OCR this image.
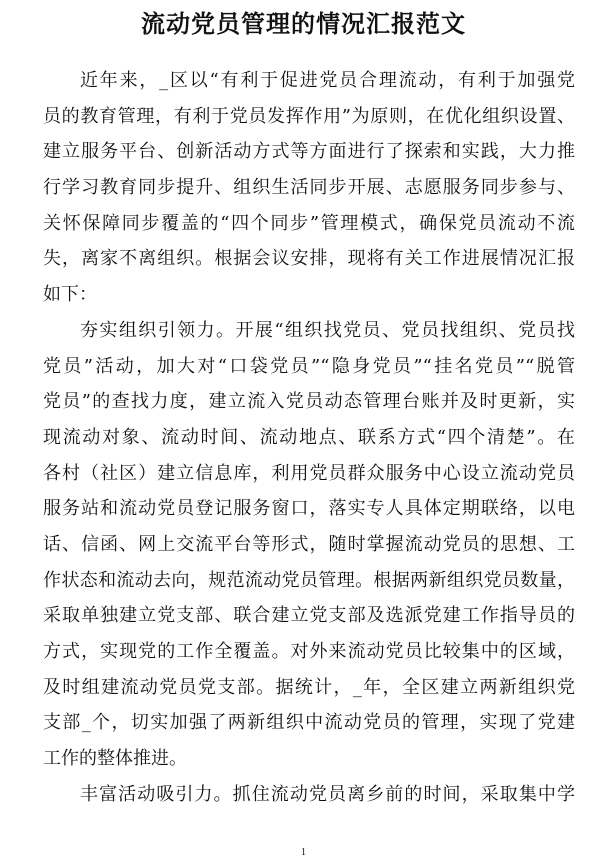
流动党员管理的情况汇报范文
近年来，_区以“有利于促进党员合理流动，有利于加强党
员的教育管理，有利于党员发挥作用”为原则，在优化组织设置、
建立服务平台、创新活动方式等方面进行了探索和实践，大力推
行学习教育同步提升、组织生活同步开展、志愿服务同步参与、
关怀保障同步覆盖的“四个同步”管理模式，确保党员流动不流
失，离家不离组织。根据会议安排，现将有关工作进展情况汇报
如下：
夯实组织引领力。开展“组织找党员、党员找组织、党员找
党员”活动，加大对“口袋党员”“隐身党员”“挂名党员”“脱管
党员”的查找力度，建立流入党员动态管理台账并及时更新，实
现流动对象、流动时间、流动地点、联系方式“四个清楚”。在
各村（社区）建立信息库，利用党员群众服务中心设立流动党员
服务站和流动党员登记服务窗口，落实专人具体定期联络，以电
话、信函、网上交流平台等形式，随时掌握流动党员的思想、工
作状态和流动去向，规范流动党员管理。根据两新组织党员数量，
采取单独建立党支部、联合建立党支部及选派党建工作指导员的
方式，实现党的工作全覆盖。对外来流动党员比较集中的区域，
及时组建流动党员党支部。据统计，_年，全区建立两新组织党
支部_个，切实加强了两新组织中流动党员的管理，实现了党建
工作的整体推进。
丰富活动吸引力。抓住流动党员离乡前的时间，采取集中学
1
